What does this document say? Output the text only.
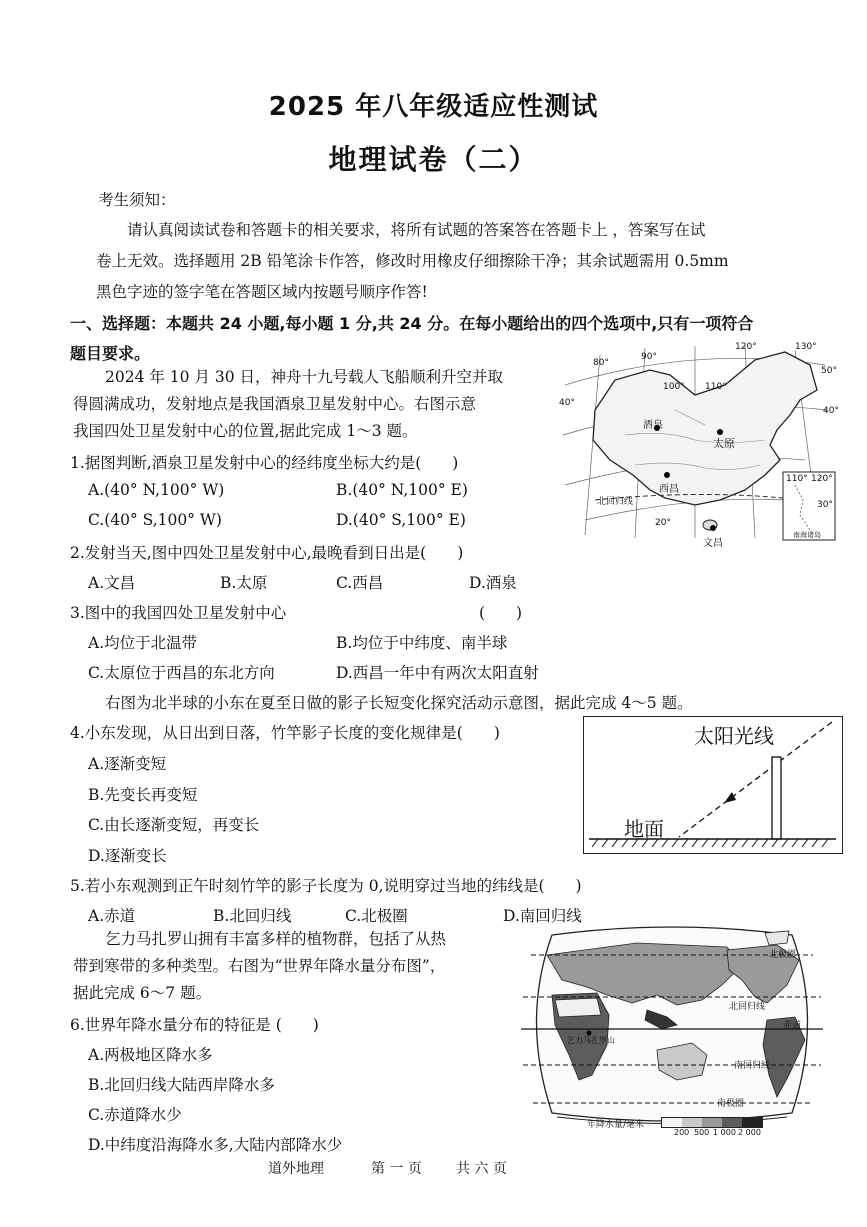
2025 年八年级适应性测试
地理试卷（二）
考生须知：
请认真阅读试卷和答题卡的相关要求，将所有试题的答案答在答题卡上 ，答案写在试
卷上无效。选择题用 2B 铅笔涂卡作答，修改时用橡皮仔细擦除干净；其余试题需用 0.5mm
黑色字迹的签字笔在答题区域内按题号顺序作答!
一、选择题：本题共 24 小题,每小题 1 分,共 24 分。在每小题给出的四个选项中,只有一项符合
题目要求。
2024 年 10 月 30 日，神舟十九号载人飞船顺利升空并取
得圆满成功，发射地点是我国酒泉卫星发射中心。右图示意
我国四处卫星发射中心的位置,据此完成 1～3 题。
1.据图判断,酒泉卫星发射中心的经纬度坐标大约是(　　)
A.(40° N,100° W)	B.(40° N,100° E)
C.(40° S,100° W)	D.(40° S,100° E)
2.发射当天,图中四处卫星发射中心,最晚看到日出是(　　)
A.文昌	B.太原	C.西昌	D.酒泉
3.图中的我国四处卫星发射中心	(　　)
A.均位于北温带	B.均位于中纬度、南半球
C.太原位于西昌的东北方向	D.西昌一年中有两次太阳直射
右图为北半球的小东在夏至日做的影子长短变化探究活动示意图，据此完成 4～5 题。
4.小东发现，从日出到日落，竹竿影子长度的变化规律是(　　)
A.逐渐变短
B.先变长再变短
C.由长逐渐变短，再变长
D.逐渐变长
5.若小东观测到正午时刻竹竿的影子长度为 0,说明穿过当地的纬线是(　　)
A.赤道	B.北回归线	C.北极圈	D.南回归线
乞力马扎罗山拥有丰富多样的植物群，包括了从热
带到寒带的多种类型。右图为“世界年降水量分布图”，
据此完成 6～7 题。
6.世界年降水量分布的特征是 (　　)
A.两极地区降水多
B.北回归线大陆西岸降水多
C.赤道降水少
D.中纬度沿海降水多,大陆内部降水少
道外地理	第 一 页 共 六 页
80°
90°
100° 110°
120°	130°
110° 120°
50°
40°
40°
30°
20°
酒泉
太原
西昌
文昌
北回归线
南海诸岛
太阳光线
地面
北极圈
北回归线
赤道
南回归线
南极圈
乞力马扎罗山
年降水量/毫米
200 500 1 000 2 000
